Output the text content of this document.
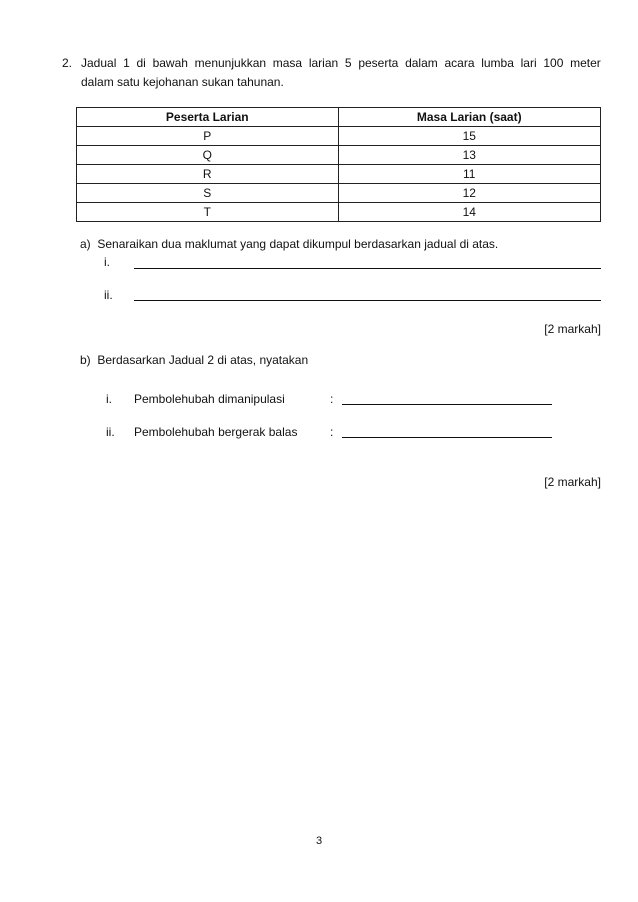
2. Jadual 1 di bawah menunjukkan masa larian 5 peserta dalam acara lumba lari 100 meter
dalam satu kejohanan sukan tahunan.
Peserta Larian	Masa Larian (saat)
P	15
Q	13
R	11
S	12
T	14
a)  Senaraikan dua maklumat yang dapat dikumpul berdasarkan jadual di atas.
i.
ii.
[2 markah]
b)  Berdasarkan Jadual 2 di atas, nyatakan
i. Pembolehubah dimanipulasi	:
ii. Pembolehubah bergerak balas	:
[2 markah]
3
